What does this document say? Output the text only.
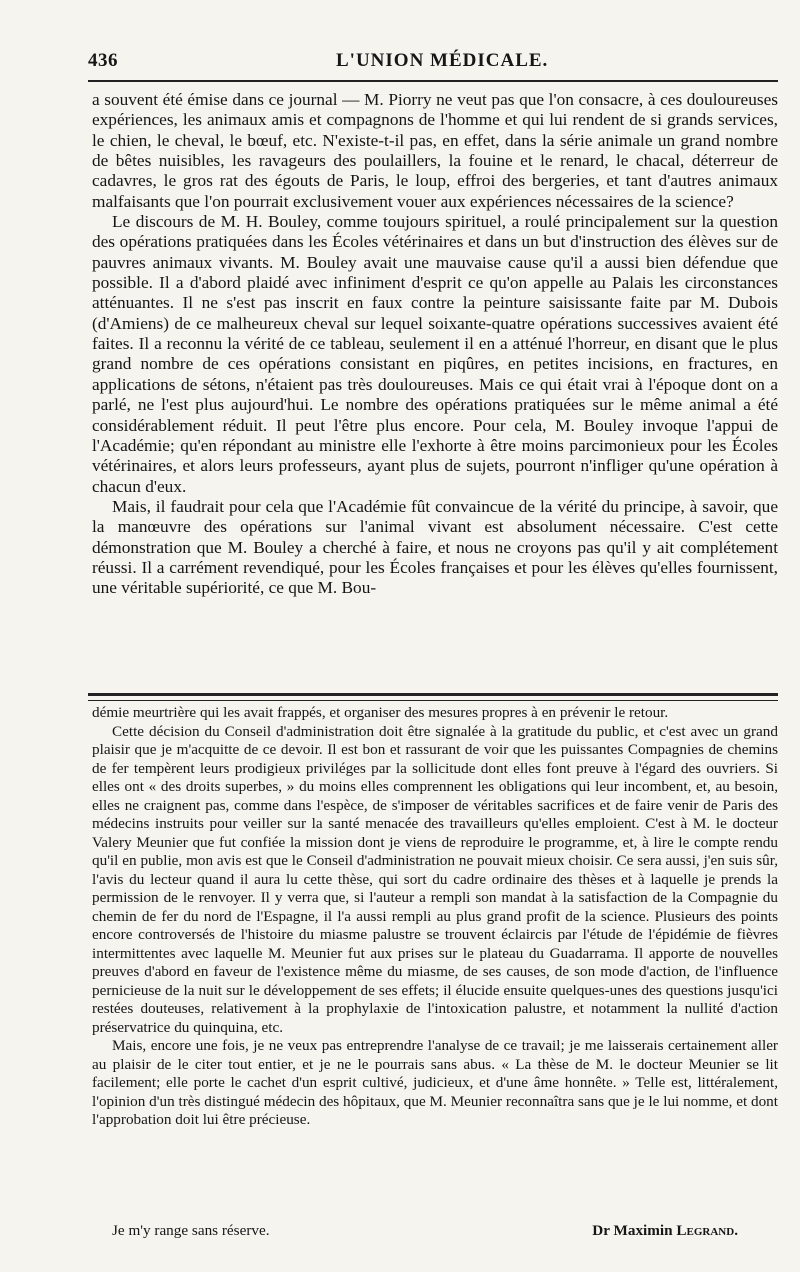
436	L'UNION MÉDICALE.

a souvent été émise dans ce journal — M. Piorry ne veut pas que l'on consacre, à ces douloureuses expériences, les animaux amis et compagnons de l'homme et qui lui rendent de si grands services, le chien, le cheval, le bœuf, etc. N'existe-t-il pas, en effet, dans la série animale un grand nombre de bêtes nuisibles, les ravageurs des poulaillers, la fouine et le renard, le chacal, déterreur de cadavres, le gros rat des égouts de Paris, le loup, effroi des bergeries, et tant d'autres animaux malfaisants que l'on pourrait exclusivement vouer aux expériences nécessaires de la science?

Le discours de M. H. Bouley, comme toujours spirituel, a roulé principalement sur la question des opérations pratiquées dans les Écoles vétérinaires et dans un but d'instruction des élèves sur de pauvres animaux vivants. M. Bouley avait une mauvaise cause qu'il a aussi bien défendue que possible. Il a d'abord plaidé avec infiniment d'esprit ce qu'on appelle au Palais les circonstances atténuantes. Il ne s'est pas inscrit en faux contre la peinture saisissante faite par M. Dubois (d'Amiens) de ce malheureux cheval sur lequel soixante-quatre opérations successives avaient été faites. Il a reconnu la vérité de ce tableau, seulement il en a atténué l'horreur, en disant que le plus grand nombre de ces opérations consistant en piqûres, en petites incisions, en fractures, en applications de sétons, n'étaient pas très douloureuses. Mais ce qui était vrai à l'époque dont on a parlé, ne l'est plus aujourd'hui. Le nombre des opérations pratiquées sur le même animal a été considérablement réduit. Il peut l'être plus encore. Pour cela, M. Bouley invoque l'appui de l'Académie; qu'en répondant au ministre elle l'exhorte à être moins parcimonieux pour les Écoles vétérinaires, et alors leurs professeurs, ayant plus de sujets, pourront n'infliger qu'une opération à chacun d'eux.

Mais, il faudrait pour cela que l'Académie fût convaincue de la vérité du principe, à savoir, que la manœuvre des opérations sur l'animal vivant est absolument nécessaire. C'est cette démonstration que M. Bouley a cherché à faire, et nous ne croyons pas qu'il y ait complétement réussi. Il a carrément revendiqué, pour les Écoles françaises et pour les élèves qu'elles fournissent, une véritable supériorité, ce que M. Bou-

démie meurtrière qui les avait frappés, et organiser des mesures propres à en prévenir le retour.

Cette décision du Conseil d'administration doit être signalée à la gratitude du public, et c'est avec un grand plaisir que je m'acquitte de ce devoir. Il est bon et rassurant de voir que les puissantes Compagnies de chemins de fer tempèrent leurs prodigieux priviléges par la sollicitude dont elles font preuve à l'égard des ouvriers. Si elles ont « des droits superbes, » du moins elles comprennent les obligations qui leur incombent, et, au besoin, elles ne craignent pas, comme dans l'espèce, de s'imposer de véritables sacrifices et de faire venir de Paris des médecins instruits pour veiller sur la santé menacée des travailleurs qu'elles emploient. C'est à M. le docteur Valery Meunier que fut confiée la mission dont je viens de reproduire le programme, et, à lire le compte rendu qu'il en publie, mon avis est que le Conseil d'administration ne pouvait mieux choisir. Ce sera aussi, j'en suis sûr, l'avis du lecteur quand il aura lu cette thèse, qui sort du cadre ordinaire des thèses et à laquelle je prends la permission de le renvoyer. Il y verra que, si l'auteur a rempli son mandat à la satisfaction de la Compagnie du chemin de fer du nord de l'Espagne, il l'a aussi rempli au plus grand profit de la science. Plusieurs des points encore controversés de l'histoire du miasme palustre se trouvent éclaircis par l'étude de l'épidémie de fièvres intermittentes avec laquelle M. Meunier fut aux prises sur le plateau du Guadarrama. Il apporte de nouvelles preuves d'abord en faveur de l'existence même du miasme, de ses causes, de son mode d'action, de l'influence pernicieuse de la nuit sur le développement de ses effets; il élucide ensuite quelques-unes des questions jusqu'ici restées douteuses, relativement à la prophylaxie de l'intoxication palustre, et notamment la nullité d'action préservatrice du quinquina, etc.

Mais, encore une fois, je ne veux pas entreprendre l'analyse de ce travail; je me laisserais certainement aller au plaisir de le citer tout entier, et je ne le pourrais sans abus. « La thèse de M. le docteur Meunier se lit facilement; elle porte le cachet d'un esprit cultivé, judicieux, et d'une âme honnête. » Telle est, littéralement, l'opinion d'un très distingué médecin des hôpitaux, que M. Meunier reconnaîtra sans que je le lui nomme, et dont l'approbation doit lui être précieuse.

Je m'y range sans réserve.	Dr Maximin Legrand.
